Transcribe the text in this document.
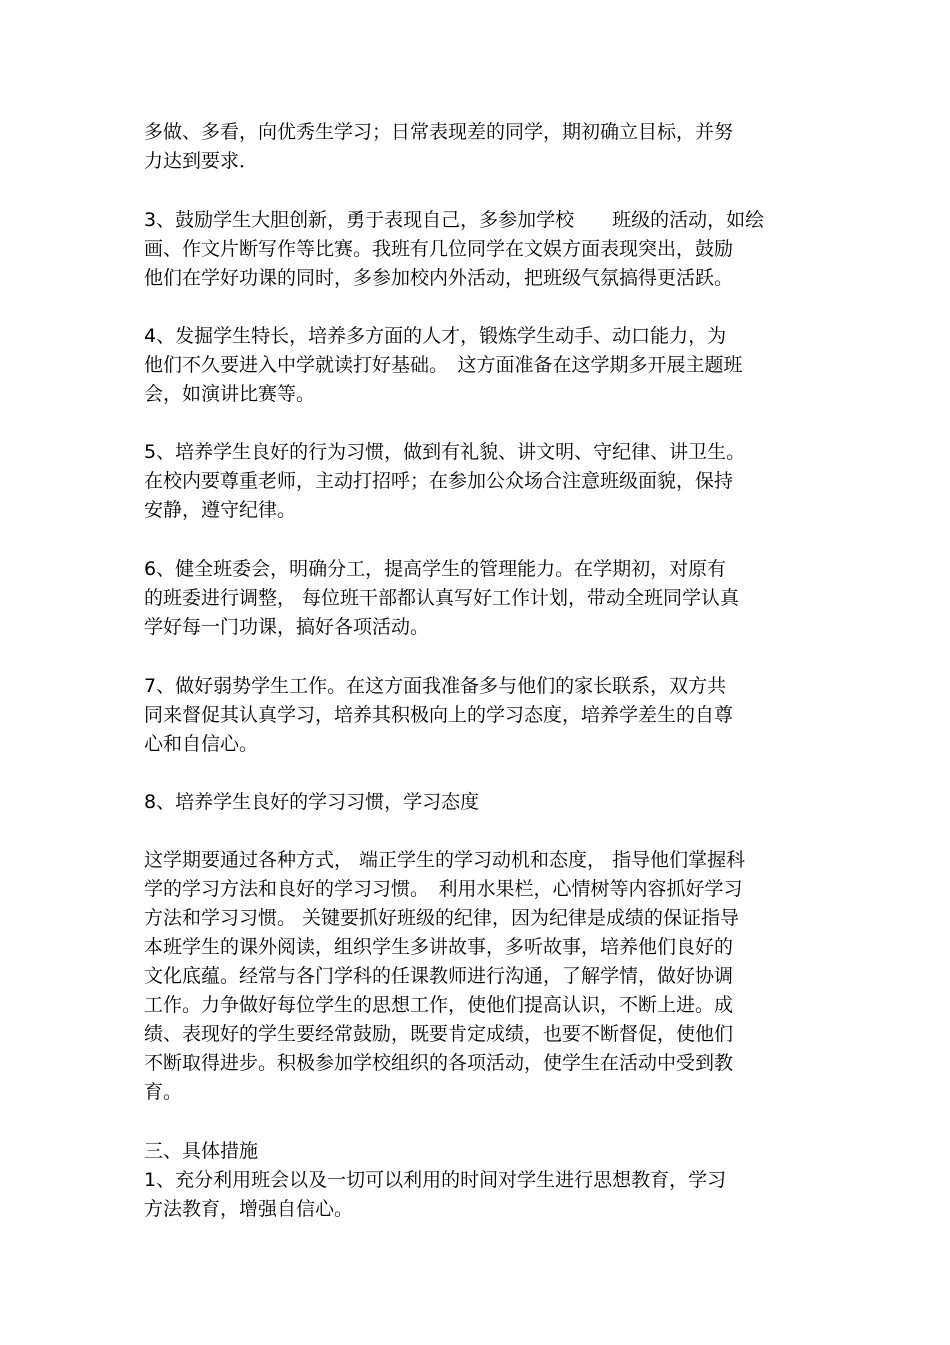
多做、多看，向优秀生学习；日常表现差的同学，期初确立目标，并努

力达到要求．

3、鼓励学生大胆创新，勇于表现自己，多参加学校　　班级的活动，如绘

画、作文片断写作等比赛。我班有几位同学在文娱方面表现突出，鼓励

他们在学好功课的同时，多参加校内外活动，把班级气氛搞得更活跃。

4、发掘学生特长，培养多方面的人才，锻炼学生动手、动口能力，为

他们不久要进入中学就读打好基础。　这方面准备在这学期多开展主题班

会，如演讲比赛等。

5、培养学生良好的行为习惯，做到有礼貌、讲文明、守纪律、讲卫生。

在校内要尊重老师，主动打招呼；在参加公众场合注意班级面貌，保持

安静，遵守纪律。

6、健全班委会，明确分工，提高学生的管理能力。在学期初，对原有

的班委进行调整， 每位班干部都认真写好工作计划，带动全班同学认真

学好每一门功课，搞好各项活动。

7、做好弱势学生工作。在这方面我准备多与他们的家长联系，双方共

同来督促其认真学习，培养其积极向上的学习态度，培养学差生的自尊

心和自信心。

8、培养学生良好的学习习惯，学习态度

这学期要通过各种方式， 端正学生的学习动机和态度， 指导他们掌握科

学的学习方法和良好的学习习惯。　利用水果栏，心情树等内容抓好学习

方法和学习习惯。 关键要抓好班级的纪律，因为纪律是成绩的保证指导

本班学生的课外阅读，组织学生多讲故事，多听故事，培养他们良好的

文化底蕴。经常与各门学科的任课教师进行沟通，了解学情，做好协调

工作。力争做好每位学生的思想工作，使他们提高认识，不断上进。成

绩、表现好的学生要经常鼓励，既要肯定成绩，也要不断督促，使他们

不断取得进步。积极参加学校组织的各项活动，使学生在活动中受到教

育。

三、具体措施

1、充分利用班会以及一切可以利用的时间对学生进行思想教育，学习

方法教育，增强自信心。
